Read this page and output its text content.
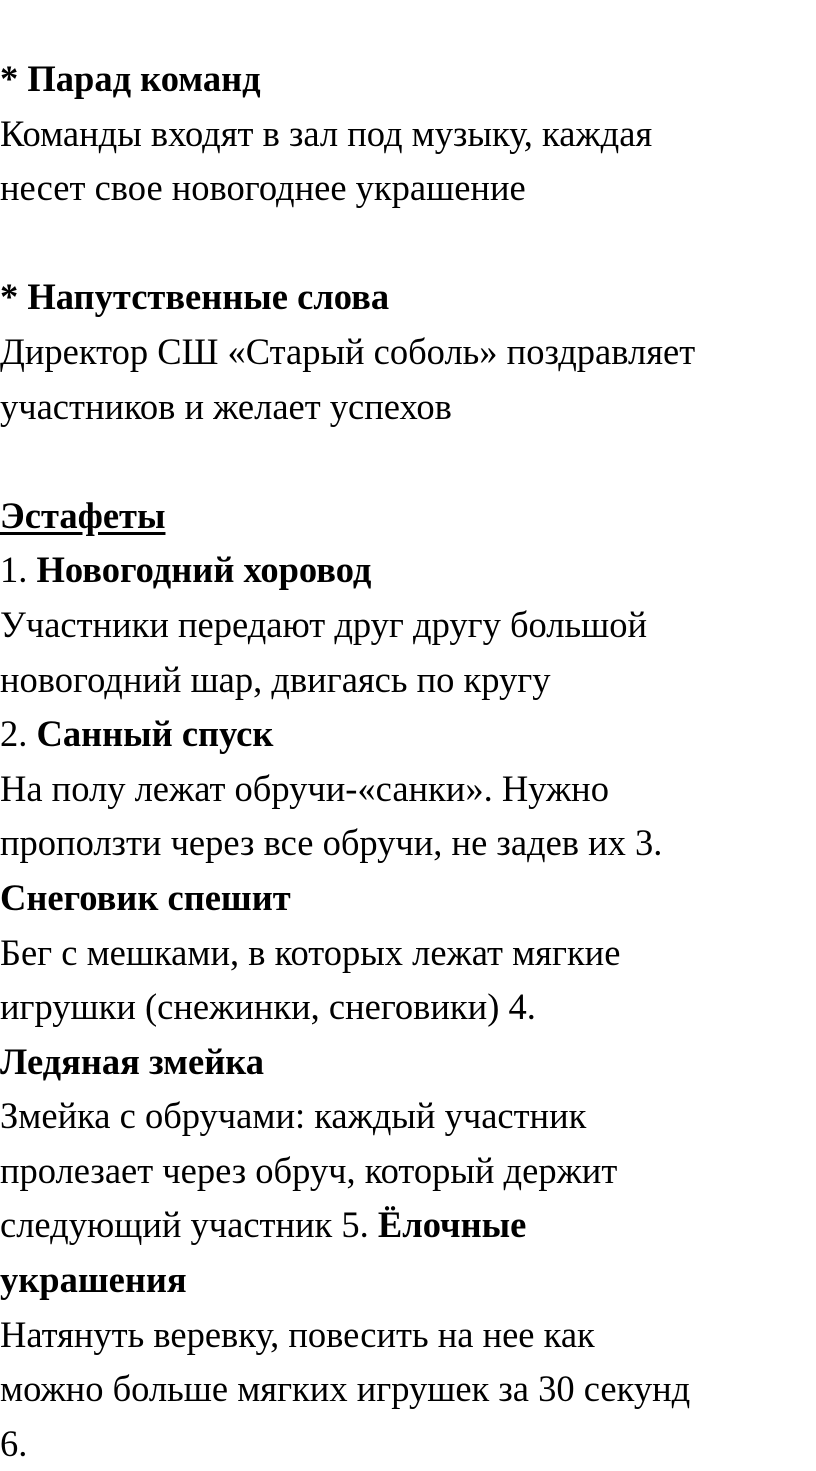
* Парад команд
Команды входят в зал под музыку, каждая
несет свое новогоднее украшение
* Напутственные слова
Директор СШ «Старый соболь» поздравляет
участников и желает успехов
Эстафеты
1. Новогодний хоровод
Участники передают друг другу большой
новогодний шар, двигаясь по кругу
2. Санный спуск
На полу лежат обручи-«санки». Нужно
проползти через все обручи, не задев их 3.
Снеговик спешит
Бег с мешками, в которых лежат мягкие
игрушки (снежинки, снеговики) 4.
Ледяная змейка
Змейка с обручами: каждый участник
пролезает через обруч, который держит
следующий участник 5. Ёлочные
украшения
Натянуть веревку, повесить на нее как
можно больше мягких игрушек за 30 секунд
6.
